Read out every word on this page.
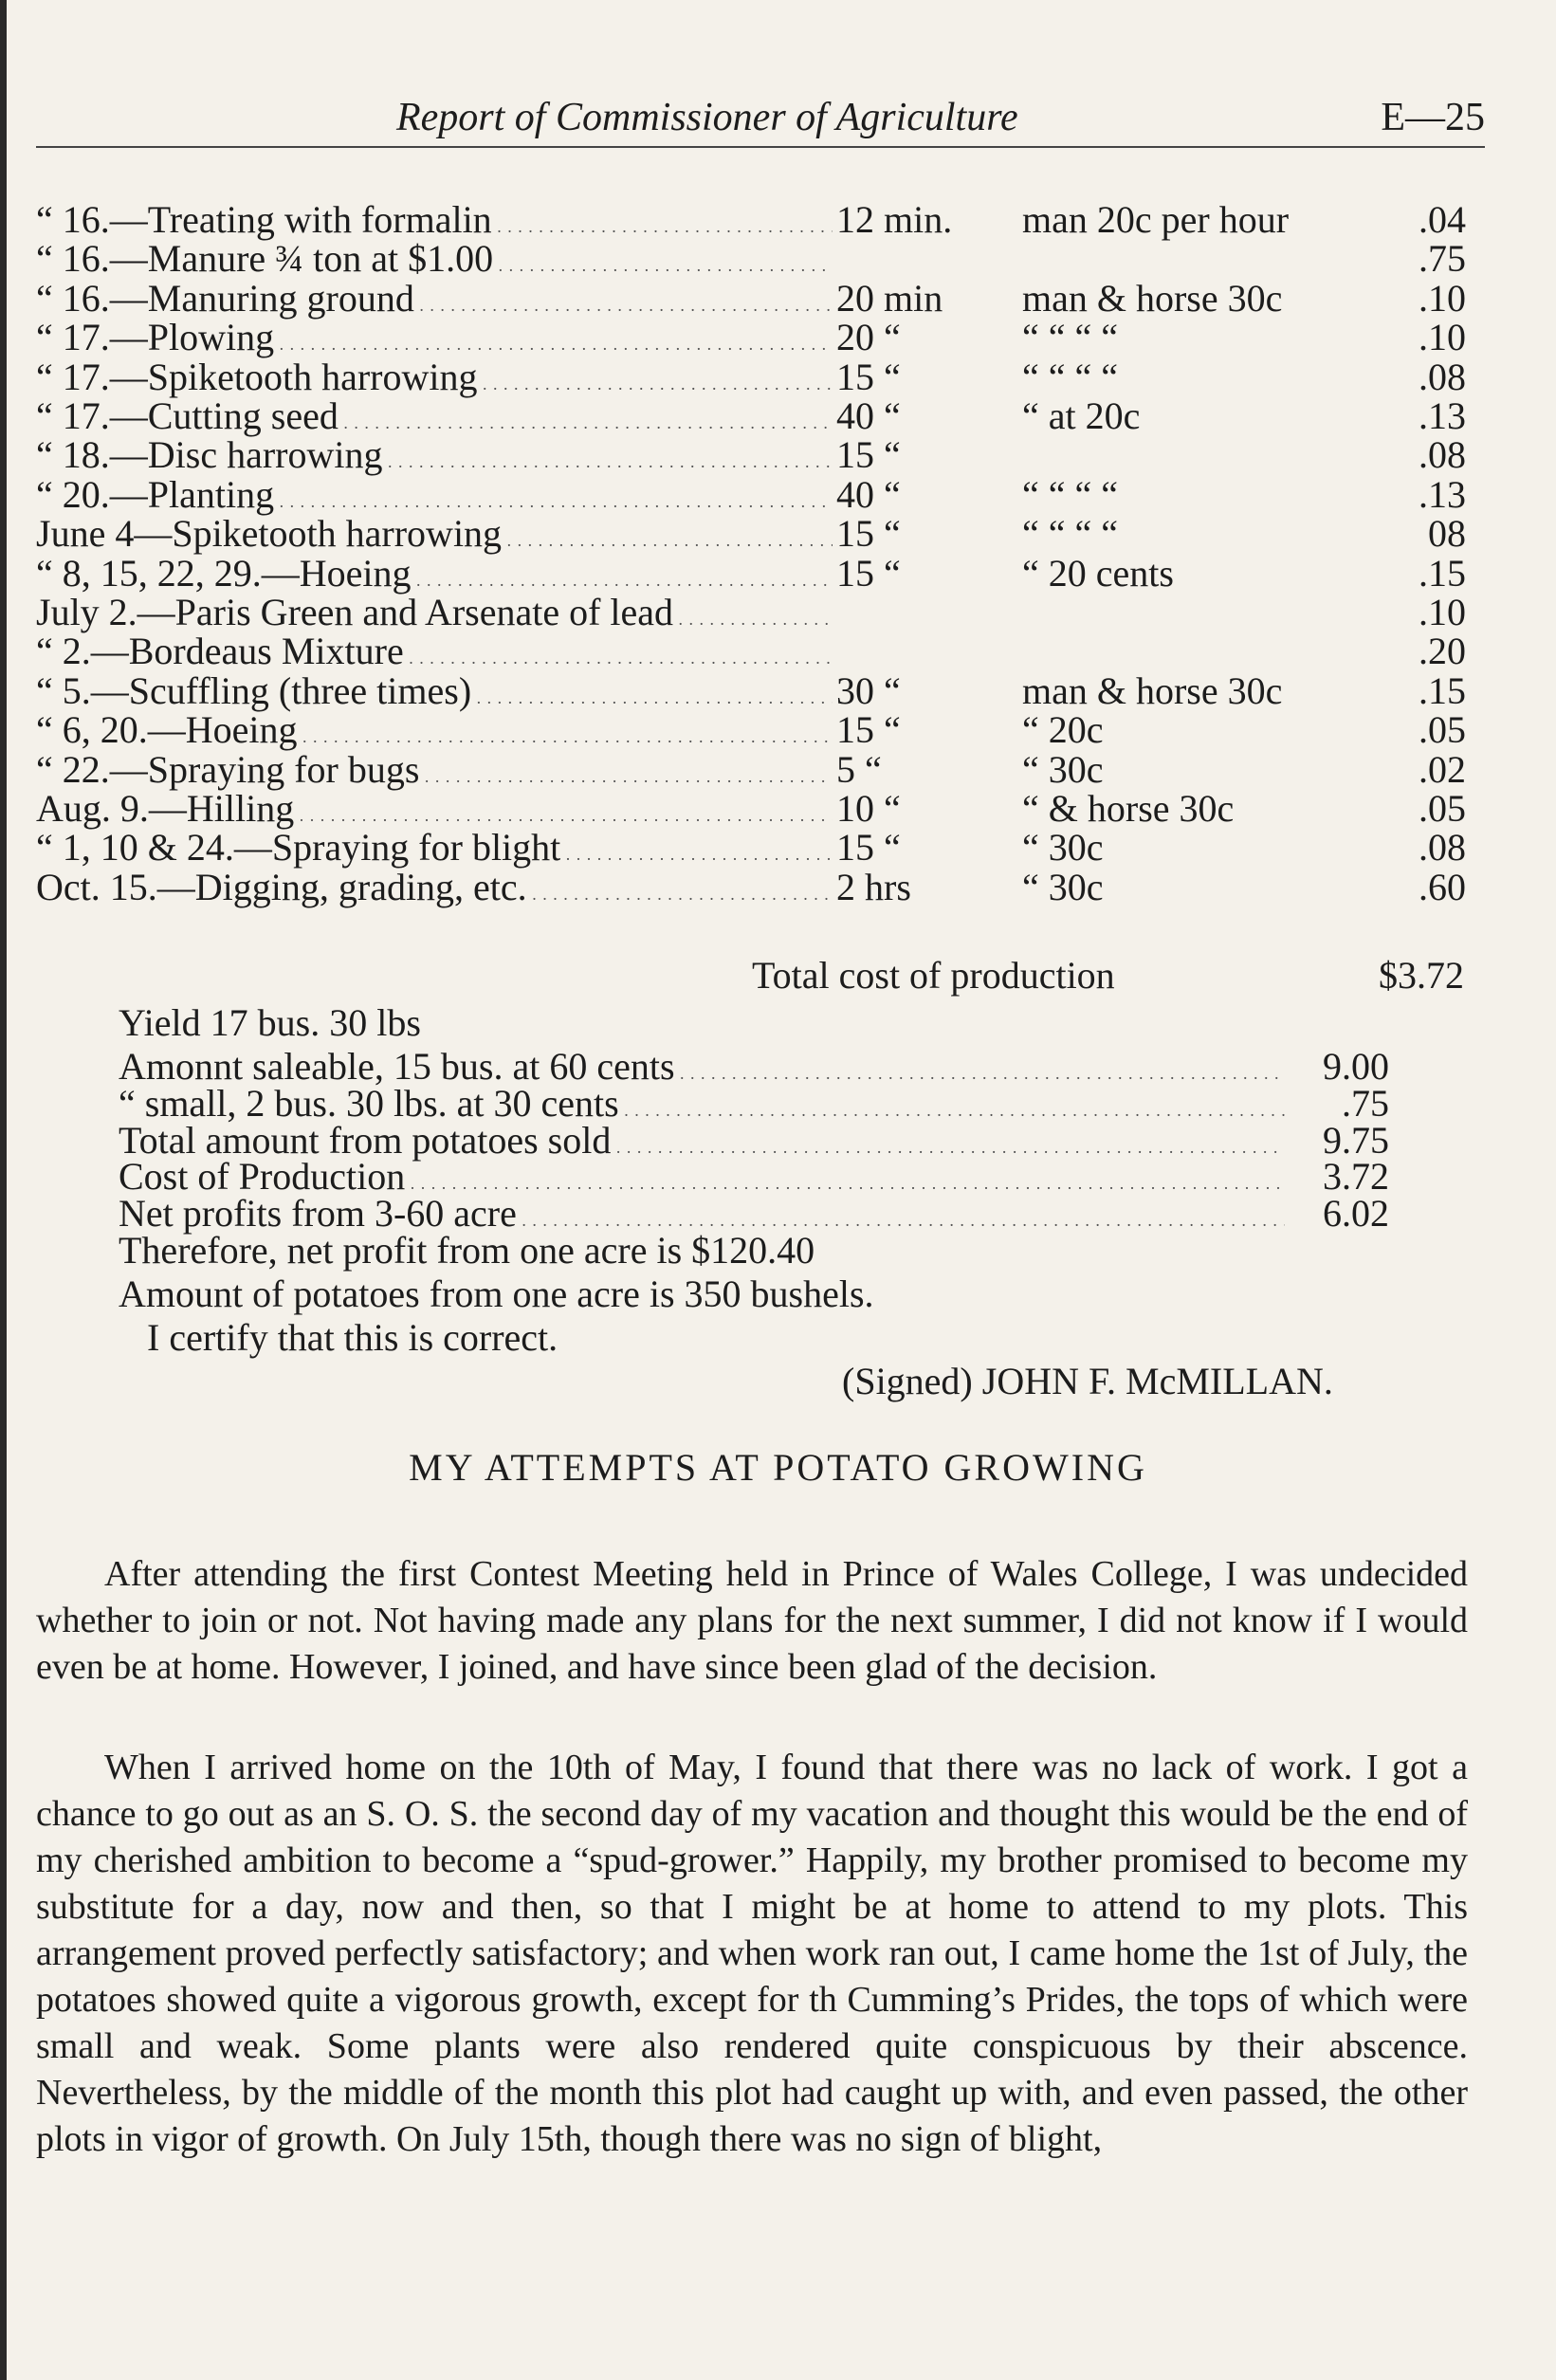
Report of Commissioner of Agriculture	E—25
“ 16.—Treating with formalin . . .	12 min.	man 20c per hour	.04
“ 16.—Manure ¾ ton at $1.00 . . .	.75
“ 16.—Manuring ground . . .	20 min	man & horse 30c	.10
“ 17.—Plowing . . .	20 “	“ “ “ “	.10
“ 17.—Spiketooth harrowing . . .	15 “	“ “ “ “	.08
“ 17.—Cutting seed . . .	40 “	“ at 20c	.13
“ 18.—Disc harrowing . . .	15 “	.08
“ 20.—Planting . . .	40 “	“ “ “ “	.13
June 4—Spiketooth harrowing . . .	15 “	“ “ “ “	08
“ 8, 15, 22, 29.—Hoeing . . .	15 “	“ 20 cents	.15
July 2.—Paris Green and Arsenate of lead . . .	.10
“ 2.—Bordeaus Mixture . . .	.20
“ 5.—Scuffling (three times) . . .	30 “	man & horse 30c	.15
“ 6, 20.—Hoeing . . .	15 “	“ 20c	.05
“ 22.—Spraying for bugs . . .	5 “	“ 30c	.02
Aug. 9.—Hilling . . .	10 “	“ & horse 30c	.05
“ 1, 10 & 24.—Spraying for blight . . .	15 “	“ 30c	.08
Oct. 15.—Digging, grading, etc. . . .	2 hrs	“ 30c	.60
Total cost of production	$3.72
Yield 17 bus. 30 lbs
Amonnt saleable, 15 bus. at 60 cents . . .	9.00
“ small, 2 bus. 30 lbs. at 30 cents . . .	.75
Total amount from potatoes sold . . .	9.75
Cost of Production . . .	3.72
Net profits from 3-60 acre . . .	6.02
Therefore, net profit from one acre is $120.40
Amount of potatoes from one acre is 350 bushels.
I certify that this is correct.
(Signed) JOHN F. McMILLAN.
MY ATTEMPTS AT POTATO GROWING

After attending the first Contest Meeting held in Prince of Wales College, I was undecided whether to join or not. Not having made any plans for the next summer, I did not know if I would even be at home. However, I joined, and have since been glad of the decision.

When I arrived home on the 10th of May, I found that there was no lack of work. I got a chance to go out as an S. O. S. the second day of my vacation and thought this would be the end of my cherished ambition to become a “spud-grower.” Happily, my brother promised to become my substitute for a day, now and then, so that I might be at home to attend to my plots. This arrangement proved perfectly satisfactory; and when work ran out, I came home the 1st of July, the potatoes showed quite a vigorous growth, except for th Cumming’s Prides, the tops of which were small and weak. Some plants were also rendered quite conspicuous by their abscence. Nevertheless, by the middle of the month this plot had caught up with, and even passed, the other plots in vigor of growth. On July 15th, though there was no sign of blight,
